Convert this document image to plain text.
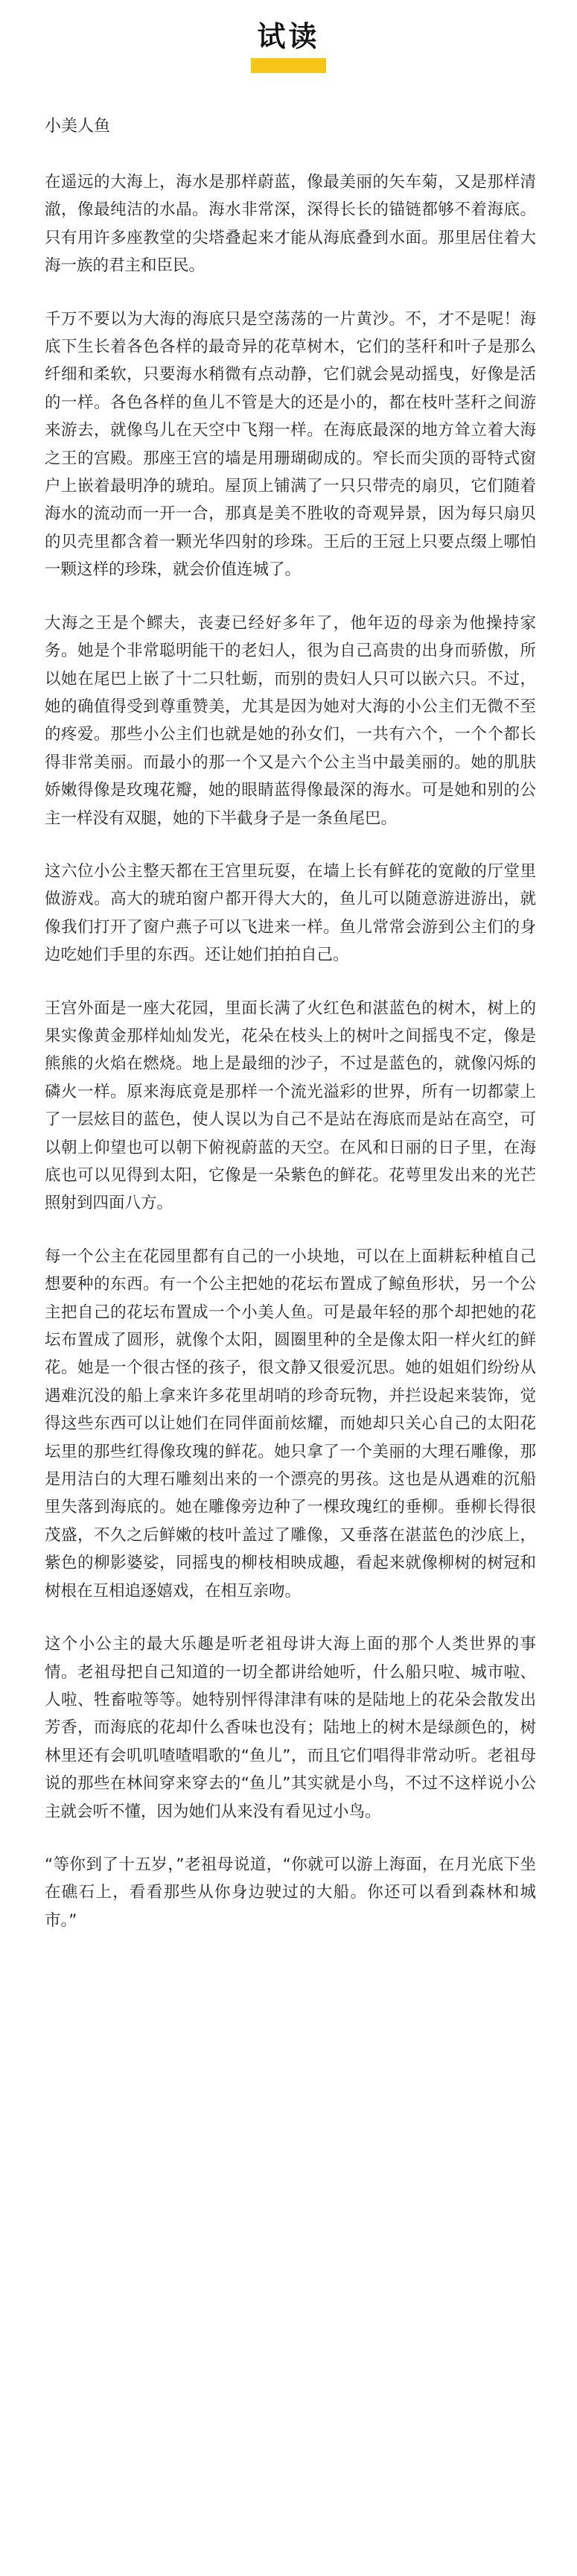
试读
小美人鱼

在遥远的大海上，海水是那样蔚蓝，像最美丽的矢车菊，又是那样清澈，像最纯洁的水晶。海水非常深，深得长长的锚链都够不着海底。只有用许多座教堂的尖塔叠起来才能从海底叠到水面。那里居住着大海一族的君主和臣民。

千万不要以为大海的海底只是空荡荡的一片黄沙。不，才不是呢！海底下生长着各色各样的最奇异的花草树木，它们的茎秆和叶子是那么纤细和柔软，只要海水稍微有点动静，它们就会晃动摇曳，好像是活的一样。各色各样的鱼儿不管是大的还是小的，都在枝叶茎秆之间游来游去，就像鸟儿在天空中飞翔一样。在海底最深的地方耸立着大海之王的宫殿。那座王宫的墙是用珊瑚砌成的。窄长而尖顶的哥特式窗户上嵌着最明净的琥珀。屋顶上铺满了一只只带壳的扇贝，它们随着海水的流动而一开一合，那真是美不胜收的奇观异景，因为每只扇贝的贝壳里都含着一颗光华四射的珍珠。王后的王冠上只要点缀上哪怕一颗这样的珍珠，就会价值连城了。

大海之王是个鳏夫，丧妻已经好多年了，他年迈的母亲为他操持家务。她是个非常聪明能干的老妇人，很为自己高贵的出身而骄傲，所以她在尾巴上嵌了十二只牡蛎，而别的贵妇人只可以嵌六只。不过，她的确值得受到尊重赞美，尤其是因为她对大海的小公主们无微不至的疼爱。那些小公主们也就是她的孙女们，一共有六个，一个个都长得非常美丽。而最小的那一个又是六个公主当中最美丽的。她的肌肤娇嫩得像是玫瑰花瓣，她的眼睛蓝得像最深的海水。可是她和别的公主一样没有双腿，她的下半截身子是一条鱼尾巴。

这六位小公主整天都在王宫里玩耍，在墙上长有鲜花的宽敞的厅堂里做游戏。高大的琥珀窗户都开得大大的，鱼儿可以随意游进游出，就像我们打开了窗户燕子可以飞进来一样。鱼儿常常会游到公主们的身边吃她们手里的东西。还让她们拍拍自己。

王宫外面是一座大花园，里面长满了火红色和湛蓝色的树木，树上的果实像黄金那样灿灿发光，花朵在枝头上的树叶之间摇曳不定，像是熊熊的火焰在燃烧。地上是最细的沙子，不过是蓝色的，就像闪烁的磷火一样。原来海底竟是那样一个流光溢彩的世界，所有一切都蒙上了一层炫目的蓝色，使人误以为自己不是站在海底而是站在高空，可以朝上仰望也可以朝下俯视蔚蓝的天空。在风和日丽的日子里，在海底也可以见得到太阳，它像是一朵紫色的鲜花。花萼里发出来的光芒照射到四面八方。

每一个公主在花园里都有自己的一小块地，可以在上面耕耘种植自己想要种的东西。有一个公主把她的花坛布置成了鲸鱼形状，另一个公主把自己的花坛布置成一个小美人鱼。可是最年轻的那个却把她的花坛布置成了圆形，就像个太阳，圆圈里种的全是像太阳一样火红的鲜花。她是一个很古怪的孩子，很文静又很爱沉思。她的姐姐们纷纷从遇难沉没的船上拿来许多花里胡哨的珍奇玩物，并拦设起来装饰，觉得这些东西可以让她们在同伴面前炫耀，而她却只关心自己的太阳花坛里的那些红得像玫瑰的鲜花。她只拿了一个美丽的大理石雕像，那是用洁白的大理石雕刻出来的一个漂亮的男孩。这也是从遇难的沉船里失落到海底的。她在雕像旁边种了一棵玫瑰红的垂柳。垂柳长得很茂盛，不久之后鲜嫩的枝叶盖过了雕像，又垂落在湛蓝色的沙底上，紫色的柳影婆娑，同摇曳的柳枝相映成趣，看起来就像柳树的树冠和树根在互相追逐嬉戏，在相互亲吻。

这个小公主的最大乐趣是听老祖母讲大海上面的那个人类世界的事情。老祖母把自己知道的一切全都讲给她听，什么船只啦、城市啦、人啦、牲畜啦等等。她特别怦得津津有味的是陆地上的花朵会散发出芳香，而海底的花却什么香味也没有；陆地上的树木是绿颜色的，树林里还有会叽叽喳喳唱歌的“鱼儿”，而且它们唱得非常动听。老祖母说的那些在林间穿来穿去的“鱼儿”其实就是小鸟，不过不这样说小公主就会听不懂，因为她们从来没有看见过小鸟。

“等你到了十五岁，”老祖母说道，“你就可以游上海面，在月光底下坐在礁石上，看看那些从你身边驶过的大船。你还可以看到森林和城市。”
